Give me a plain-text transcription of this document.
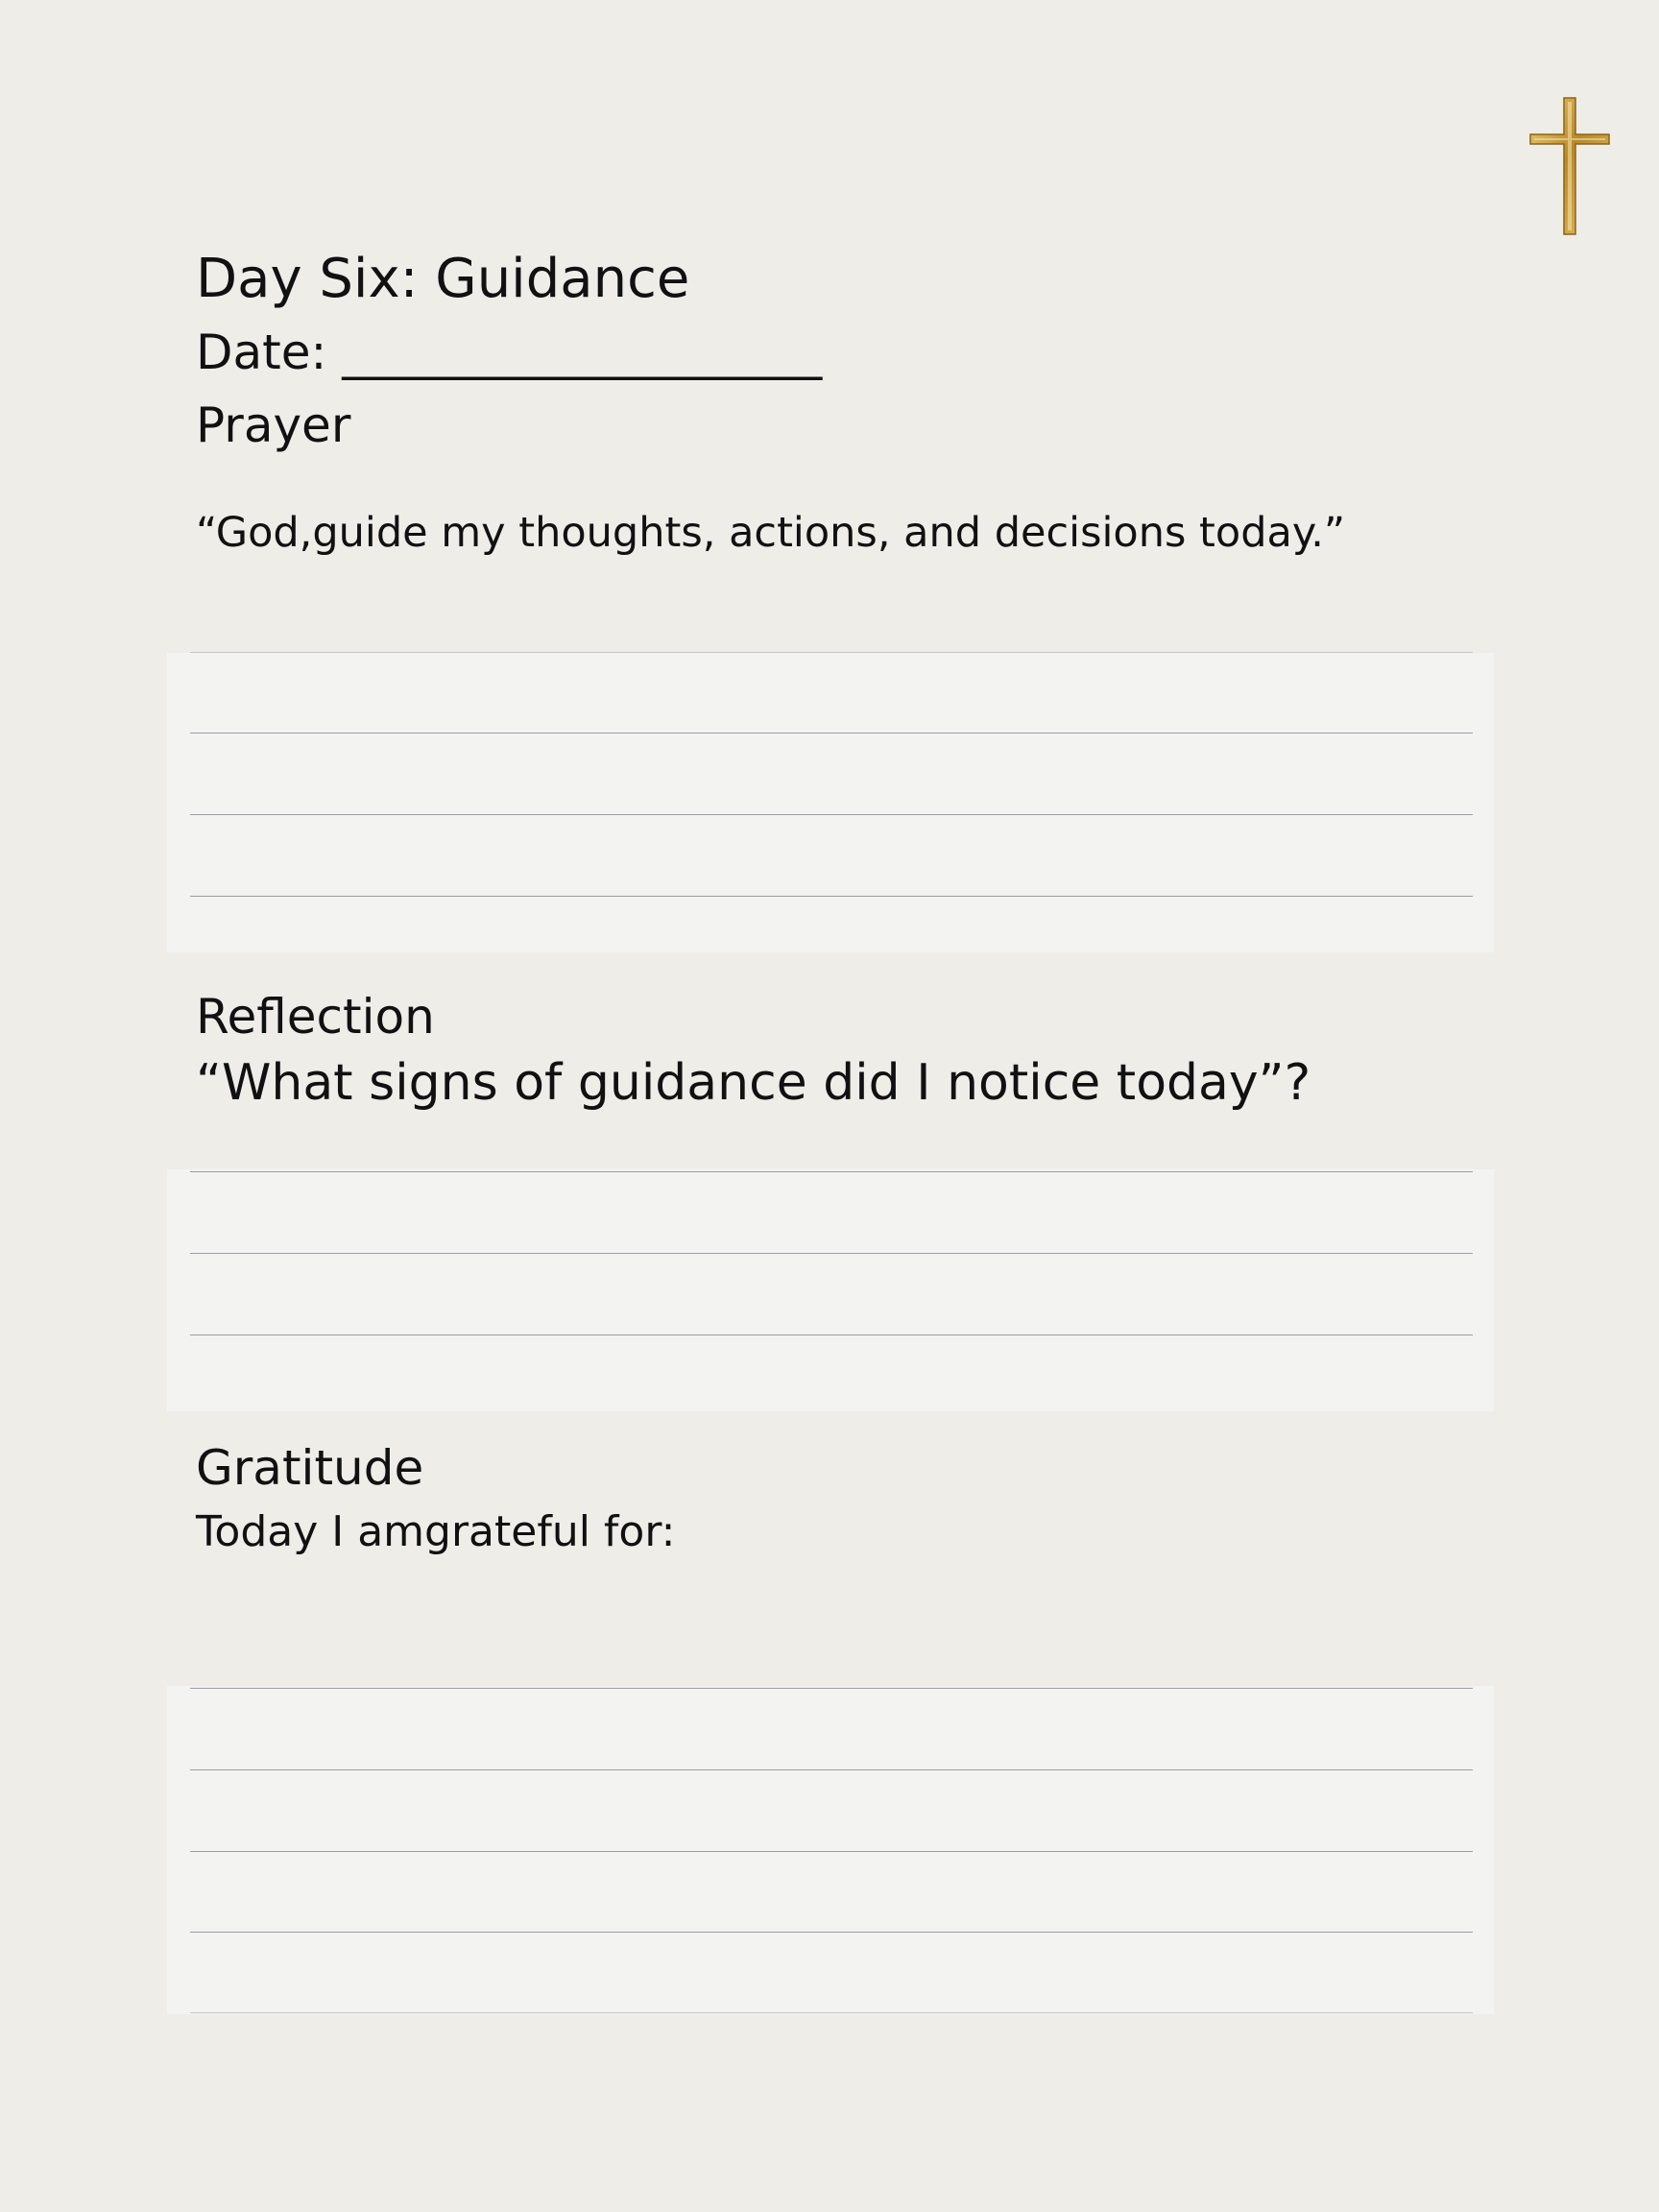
Day Six: Guidance
Date: ____________________
Prayer
“God,guide my thoughts, actions, and decisions today.”
Reflection
“What signs of guidance did I notice today”?
Gratitude
Today I amgrateful for:
